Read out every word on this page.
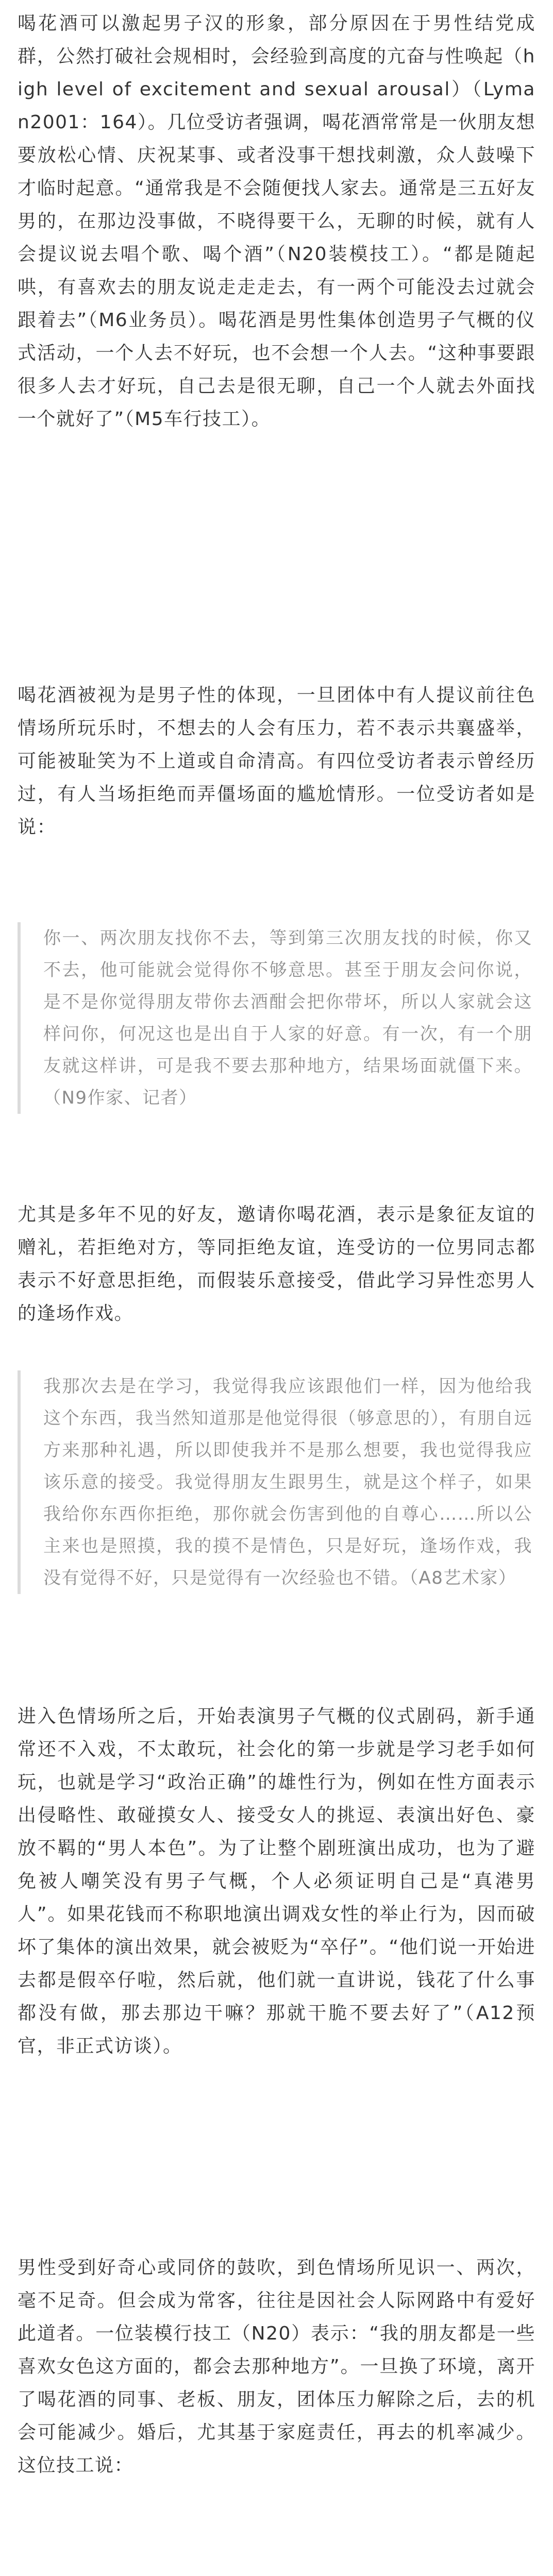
喝花酒可以激起男子汉的形象，部分原因在于男性结党成群，公然打破社会规相时，会经验到高度的亢奋与性唤起（high level of excitement and sexual arousal）（Lyman2001：164）。几位受访者强调，喝花酒常常是一伙朋友想要放松心情、庆祝某事、或者没事干想找刺激，众人鼓噪下才临时起意。“通常我是不会随便找人家去。通常是三五好友男的，在那边没事做，不晓得要干么，无聊的时候，就有人会提议说去唱个歌、喝个酒”（N20装模技工）。“都是随起哄，有喜欢去的朋友说走走走去，有一两个可能没去过就会跟着去”（M6业务员）。喝花酒是男性集体创造男子气概的仪式活动，一个人去不好玩，也不会想一个人去。“这种事要跟很多人去才好玩，自己去是很无聊，自己一个人就去外面找一个就好了”（M5车行技工）。

喝花酒被视为是男子性的体现，一旦团体中有人提议前往色情场所玩乐时，不想去的人会有压力，若不表示共襄盛举，可能被耻笑为不上道或自命清高。有四位受访者表示曾经历过，有人当场拒绝而弄僵场面的尴尬情形。一位受访者如是说：

你一、两次朋友找你不去，等到第三次朋友找的时候，你又不去，他可能就会觉得你不够意思。甚至于朋友会问你说，是不是你觉得朋友带你去酒酣会把你带坏，所以人家就会这样问你，何况这也是出自于人家的好意。有一次，有一个朋友就这样讲，可是我不要去那种地方，结果场面就僵下来。（N9作家、记者）

尤其是多年不见的好友，邀请你喝花酒，表示是象征友谊的赠礼，若拒绝对方，等同拒绝友谊，连受访的一位男同志都表示不好意思拒绝，而假装乐意接受，借此学习异性恋男人的逢场作戏。

我那次去是在学习，我觉得我应该跟他们一样，因为他给我这个东西，我当然知道那是他觉得很（够意思的），有朋自远方来那种礼遇，所以即使我并不是那么想要，我也觉得我应该乐意的接受。我觉得朋友生跟男生，就是这个样子，如果我给你东西你拒绝，那你就会伤害到他的自尊心……所以公主来也是照摸，我的摸不是情色，只是好玩，逢场作戏，我没有觉得不好，只是觉得有一次经验也不错。（A8艺术家）

进入色情场所之后，开始表演男子气概的仪式剧码，新手通常还不入戏，不太敢玩，社会化的第一步就是学习老手如何玩，也就是学习“政治正确”的雄性行为，例如在性方面表示出侵略性、敢碰摸女人、接受女人的挑逗、表演出好色、豪放不羁的“男人本色”。为了让整个剧班演出成功，也为了避免被人嘲笑没有男子气概，个人必须证明自己是“真港男人”。如果花钱而不称职地演出调戏女性的举止行为，因而破坏了集体的演出效果，就会被贬为“卒仔”。“他们说一开始进去都是假卒仔啦，然后就，他们就一直讲说，钱花了什么事都没有做，那去那边干嘛？那就干脆不要去好了”（A12预官，非正式访谈）。

男性受到好奇心或同侪的鼓吹，到色情场所见识一、两次，毫不足奇。但会成为常客，往往是因社会人际网路中有爱好此道者。一位装模行技工（N20）表示：“我的朋友都是一些喜欢女色这方面的，都会去那种地方”。一旦换了环境，离开了喝花酒的同事、老板、朋友，团体压力解除之后，去的机会可能减少。婚后，尤其基于家庭责任，再去的机率减少。这位技工说：
